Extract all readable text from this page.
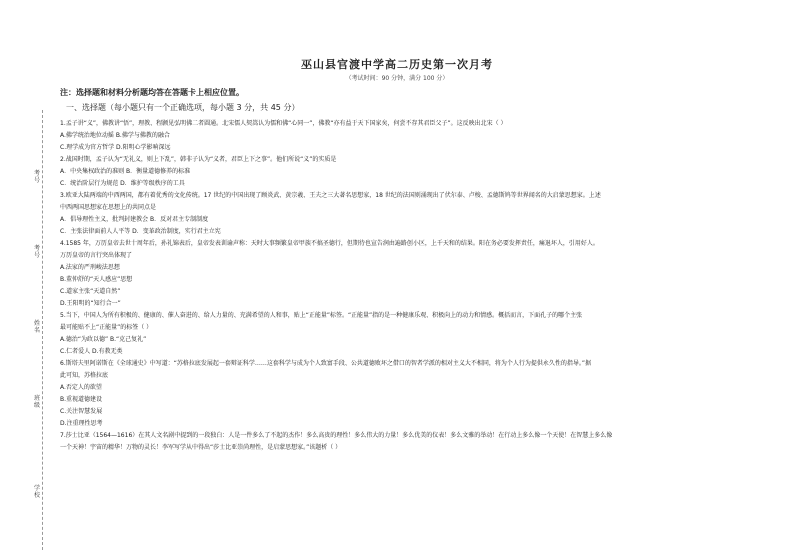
考号
考号
姓名
班级
学校
巫山县官渡中学高二历史第一次月考
（考试时间：90 分钟，满分 100 分）
注：选择题和材料分析题均答在答题卡上相应位置。
一、选择题（每小题只有一个正确选项，每小题 3 分，共 45 分）
1.孟子讲“义”，佛教讲“悟”，理教、程颢见弘明佛二者圆通。北宋儒人契嵩认为儒和佛“心同一”，佛教“亦有益于天下国家矣，何尝不存其君臣父子”。这反映出北宋（ ）
A.佛学统治地位动摇 B.佛学与佛教的融合
C.理学成为官方哲学 D.阳明心学影响深远
2.战国时期，孟子认为“无礼义，则上下乱”，韩非子认为“义者，君臣上下之事”。他们所说“义”的实质是
A．中央集权政治的准则 B．衡量道德修养的标准
C．统治阶层行为规范 D．维护等级秩序的工具
3.欧亚大陆两端的中西两国，都有着优秀的文化传统。17 世纪的中国出现了顾炎武、黄宗羲、王夫之三大著名思想家，18 世纪的法国则涌现出了伏尔泰、卢梭、孟德斯鸠等世界闻名的大启蒙思想家。上述
中西两国思想家在思想上的共同点是
A．倡导理性主义，批判封建教会 B．反对君主专制制度
C．主张法律面前人人平等 D．变革政治制度，实行君主立宪
4.1585 年，万历皇帝去世十周年后，孙礼锦表后，皇帝发表训谕声称：天时大事频繁皇帝甲族不搞圣德行，但期待也宣告润由遍路创小区，上千天和的结果。阳在务必要发挥责任，痛退坏人，引用好人。
万历皇帝的言行突出体现了
A.法家的严刑峻法思想
B.董仲舒的“天人感应”思想
C.道家主张“天道自然”
D.王阳明的“知行合一”
5.当下，中国人为所有积极的、健康的、催人奋进的、给人力量的、充满希望的人和事，贴上“正能量”标签。“正能量”指的是一种健康乐观、积极向上的动力和情感。概括而言，下面孔子的哪个主张
最可能贴不上“正能量”的标签（ ）
A.德治“为政以德” B.“克己复礼”
C.仁者爱人 D.有教无类
6.斯塔夫里阿诺斯在《全球通史》中写道：“苏格拉底发展起一套辩证科学……这套科学与成为个人致富手段、公共道德败坏之借口的智者学派的相对主义大不相同，将为个人行为提供永久性的指导。”据
此可知，苏格拉底
A.否定人的欲望
B.重视道德建设
C.关注智慧发展
D.注重理性思考
7.莎士比亚（1564—1616）在其人文名剧中提到的一段独白：人是一件多么了不起的杰作！多么高贵的理性！多么伟大的力量！多么优美的仪表！多么文雅的举动！在行动上多么像一个天使！在智慧上多么像
一个天神！宇宙的精华！万物的灵长！李军写学从中得出“莎士比亚崇尚理性，是启蒙思想家。”该题析（ ）
